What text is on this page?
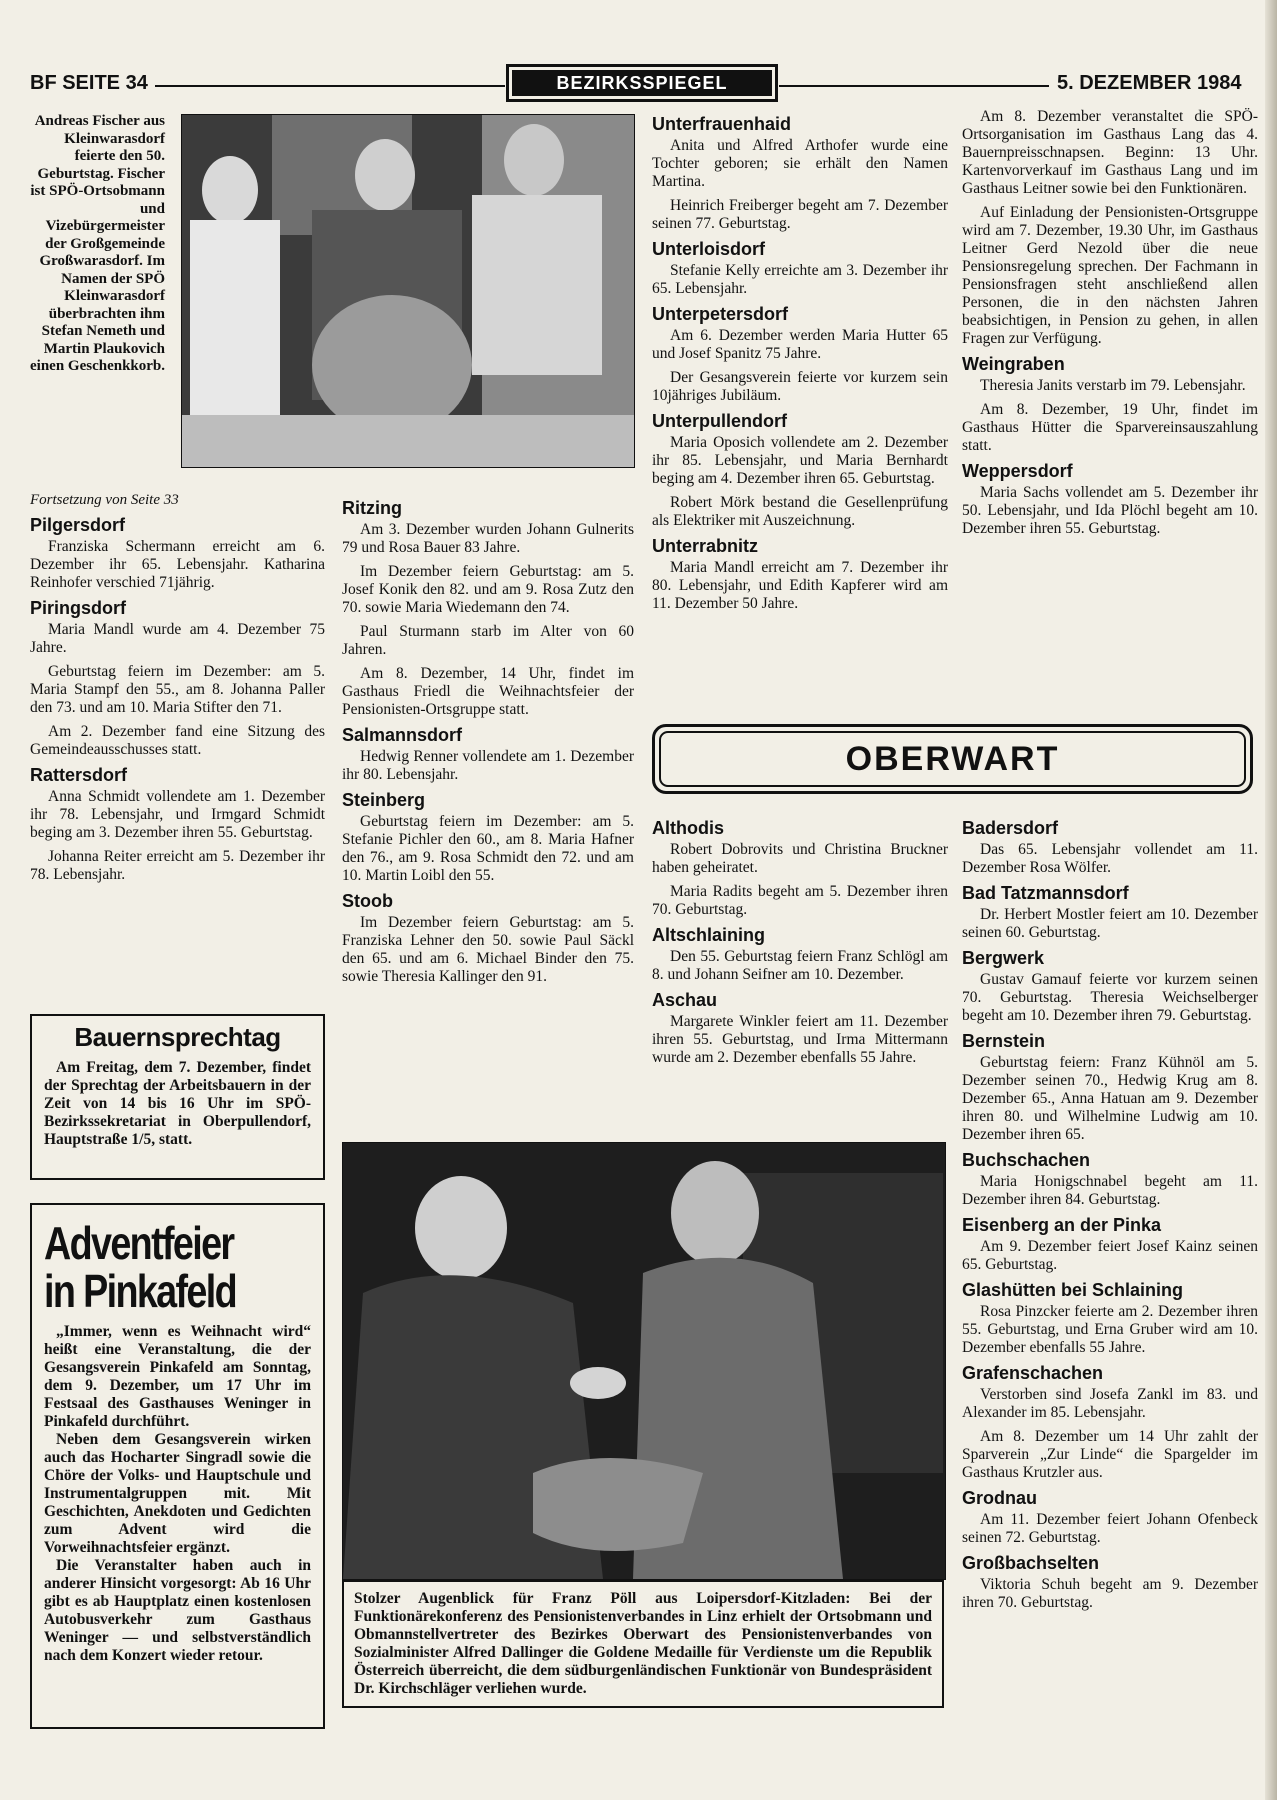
BF SEITE 34	BEZIRKSSPIEGEL	5. DEZEMBER 1984
Andreas Fischer aus Kleinwarasdorf feierte den 50. Geburtstag. Fischer ist SPÖ-Ortsobmann und Vizebürgermeister der Großgemeinde Großwarasdorf. Im Namen der SPÖ Kleinwarasdorf überbrachten ihm Stefan Nemeth und Martin Plaukovich einen Geschenkkorb.
Fortsetzung von Seite 33
Pilgersdorf

Franziska Schermann erreicht am 6. Dezember ihr 65. Lebensjahr. Katharina Reinhofer verschied 71jährig.

Piringsdorf

Maria Mandl wurde am 4. Dezember 75 Jahre.

Geburtstag feiern im Dezember: am 5. Maria Stampf den 55., am 8. Johanna Paller den 73. und am 10. Maria Stifter den 71.

Am 2. Dezember fand eine Sitzung des Gemeindeausschusses statt.

Rattersdorf

Anna Schmidt vollendete am 1. Dezember ihr 78. Lebensjahr, und Irmgard Schmidt beging am 3. Dezember ihren 55. Geburtstag.

Johanna Reiter erreicht am 5. Dezember ihr 78. Lebensjahr.

Bauernsprechtag

Am Freitag, dem 7. Dezember, findet der Sprechtag der Arbeitsbauern in der Zeit von 14 bis 16 Uhr im SPÖ-Bezirkssekretariat in Oberpullendorf, Hauptstraße 1/5, statt.

Adventfeier
in Pinkafeld

„Immer, wenn es Weihnacht wird“ heißt eine Veranstaltung, die der Gesangsverein Pinkafeld am Sonntag, dem 9. Dezember, um 17 Uhr im Festsaal des Gasthauses Weninger in Pinkafeld durchführt.

Neben dem Gesangsverein wirken auch das Hocharter Singradl sowie die Chöre der Volks- und Hauptschule und Instrumentalgruppen mit. Mit Geschichten, Anekdoten und Gedichten zum Advent wird die Vorweihnachtsfeier ergänzt.

Die Veranstalter haben auch in anderer Hinsicht vorgesorgt: Ab 16 Uhr gibt es ab Hauptplatz einen kostenlosen Autobusverkehr zum Gasthaus Weninger — und selbstverständlich nach dem Konzert wieder retour.

Ritzing

Am 3. Dezember wurden Johann Gulnerits 79 und Rosa Bauer 83 Jahre.

Im Dezember feiern Geburtstag: am 5. Josef Konik den 82. und am 9. Rosa Zutz den 70. sowie Maria Wiedemann den 74.

Paul Sturmann starb im Alter von 60 Jahren.

Am 8. Dezember, 14 Uhr, findet im Gasthaus Friedl die Weihnachtsfeier der Pensionisten-Ortsgruppe statt.

Salmannsdorf

Hedwig Renner vollendete am 1. Dezember ihr 80. Lebensjahr.

Steinberg

Geburtstag feiern im Dezember: am 5. Stefanie Pichler den 60., am 8. Maria Hafner den 76., am 9. Rosa Schmidt den 72. und am 10. Martin Loibl den 55.

Stoob

Im Dezember feiern Geburtstag: am 5. Franziska Lehner den 50. sowie Paul Säckl den 65. und am 6. Michael Binder den 75. sowie Theresia Kallinger den 91.

Unterfrauenhaid

Anita und Alfred Arthofer wurde eine Tochter geboren; sie erhält den Namen Martina.

Heinrich Freiberger begeht am 7. Dezember seinen 77. Geburtstag.

Unterloisdorf

Stefanie Kelly erreichte am 3. Dezember ihr 65. Lebensjahr.

Unterpetersdorf

Am 6. Dezember werden Maria Hutter 65 und Josef Spanitz 75 Jahre.

Der Gesangsverein feierte vor kurzem sein 10jähriges Jubiläum.

Unterpullendorf

Maria Oposich vollendete am 2. Dezember ihr 85. Lebensjahr, und Maria Bernhardt beging am 4. Dezember ihren 65. Geburtstag.

Robert Mörk bestand die Gesellenprüfung als Elektriker mit Auszeichnung.

Unterrabnitz

Maria Mandl erreicht am 7. Dezember ihr 80. Lebensjahr, und Edith Kapferer wird am 11. Dezember 50 Jahre.

Am 8. Dezember veranstaltet die SPÖ-Ortsorganisation im Gasthaus Lang das 4. Bauernpreisschnapsen. Beginn: 13 Uhr. Kartenvorverkauf im Gasthaus Lang und im Gasthaus Leitner sowie bei den Funktionären.

Auf Einladung der Pensionisten-Ortsgruppe wird am 7. Dezember, 19.30 Uhr, im Gasthaus Leitner Gerd Nezold über die neue Pensionsregelung sprechen. Der Fachmann in Pensionsfragen steht anschließend allen Personen, die in den nächsten Jahren beabsichtigen, in Pension zu gehen, in allen Fragen zur Verfügung.

Weingraben

Theresia Janits verstarb im 79. Lebensjahr.

Am 8. Dezember, 19 Uhr, findet im Gasthaus Hütter die Sparvereinsauszahlung statt.

Weppersdorf

Maria Sachs vollendet am 5. Dezember ihr 50. Lebensjahr, und Ida Plöchl begeht am 10. Dezember ihren 55. Geburtstag.

OBERWART
Althodis

Robert Dobrovits und Christina Bruckner haben geheiratet.

Maria Radits begeht am 5. Dezember ihren 70. Geburtstag.

Altschlaining

Den 55. Geburtstag feiern Franz Schlögl am 8. und Johann Seifner am 10. Dezember.

Aschau

Margarete Winkler feiert am 11. Dezember ihren 55. Geburtstag, und Irma Mittermann wurde am 2. Dezember ebenfalls 55 Jahre.

Badersdorf

Das 65. Lebensjahr vollendet am 11. Dezember Rosa Wölfer.

Bad Tatzmannsdorf

Dr. Herbert Mostler feiert am 10. Dezember seinen 60. Geburtstag.

Bergwerk

Gustav Gamauf feierte vor kurzem seinen 70. Geburtstag. Theresia Weichselberger begeht am 10. Dezember ihren 79. Geburtstag.

Bernstein

Geburtstag feiern: Franz Kühnöl am 5. Dezember seinen 70., Hedwig Krug am 8. Dezember 65., Anna Hatuan am 9. Dezember ihren 80. und Wilhelmine Ludwig am 10. Dezember ihren 65.

Buchschachen

Maria Honigschnabel begeht am 11. Dezember ihren 84. Geburtstag.

Eisenberg an der Pinka

Am 9. Dezember feiert Josef Kainz seinen 65. Geburtstag.

Glashütten bei Schlaining

Rosa Pinzcker feierte am 2. Dezember ihren 55. Geburtstag, und Erna Gruber wird am 10. Dezember ebenfalls 55 Jahre.

Grafenschachen

Verstorben sind Josefa Zankl im 83. und Alexander im 85. Lebensjahr.

Am 8. Dezember um 14 Uhr zahlt der Sparverein „Zur Linde“ die Spargelder im Gasthaus Krutzler aus.

Grodnau

Am 11. Dezember feiert Johann Ofenbeck seinen 72. Geburtstag.

Großbachselten

Viktoria Schuh begeht am 9. Dezember ihren 70. Geburtstag.

Stolzer Augenblick für Franz Pöll aus Loipersdorf-Kitzladen: Bei der Funktionärekonferenz des Pensionistenverbandes in Linz erhielt der Ortsobmann und Obmannstellvertreter des Bezirkes Oberwart des Pensionistenverbandes von Sozialminister Alfred Dallinger die Goldene Medaille für Verdienste um die Republik Österreich überreicht, die dem südburgenländischen Funktionär von Bundespräsident Dr. Kirchschläger verliehen wurde.
